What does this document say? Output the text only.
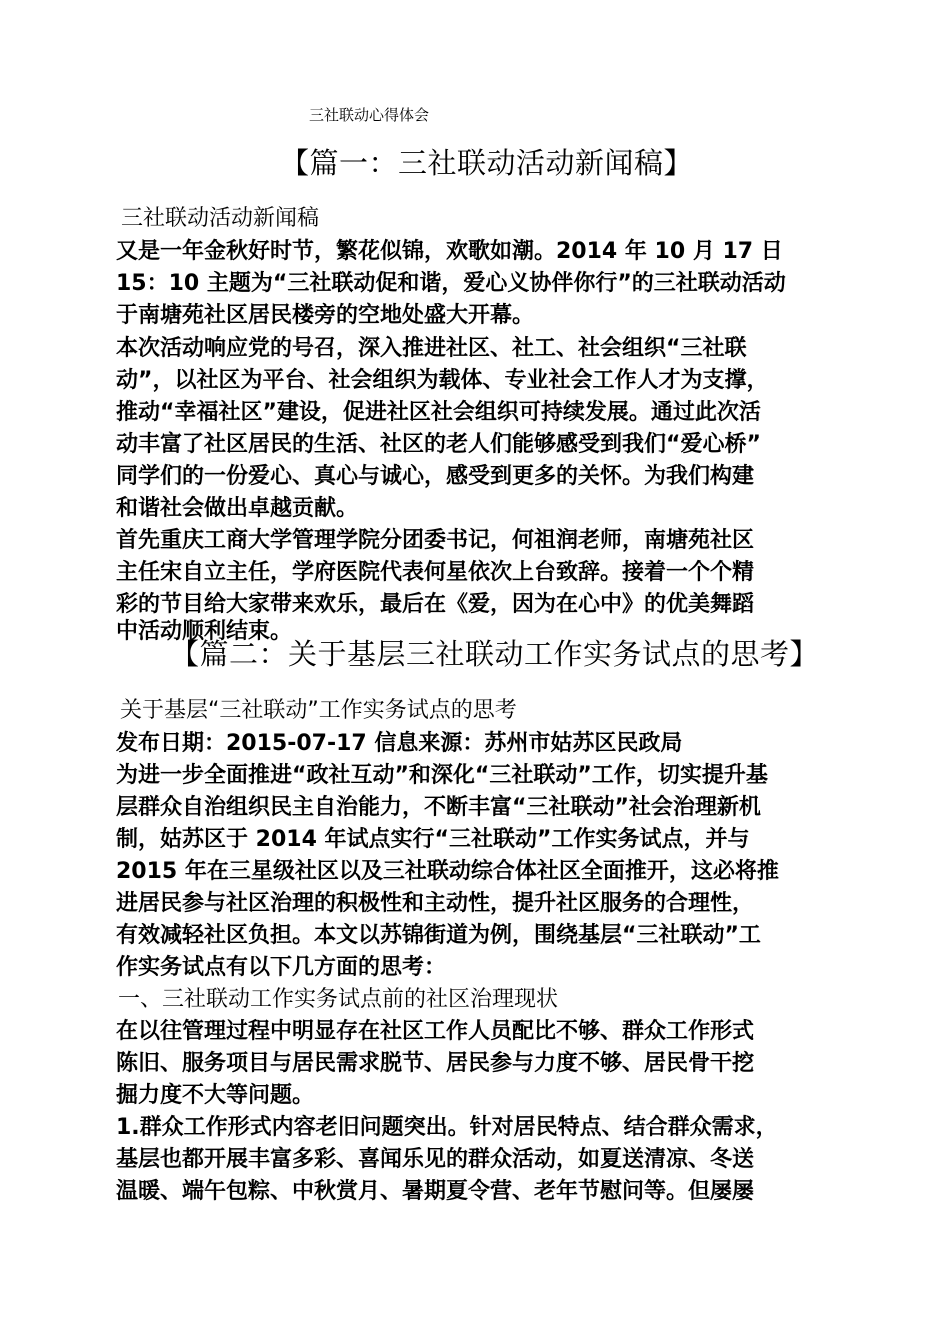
三社联动心得体会
【篇一：三社联动活动新闻稿】
三社联动活动新闻稿
又是一年金秋好时节，繁花似锦，欢歌如潮。2014 年 10 月 17 日
15：10 主题为“三社联动促和谐，爱心义协伴你行”的三社联动活动
于南塘苑社区居民楼旁的空地处盛大开幕。
本次活动响应党的号召，深入推进社区、社工、社会组织“三社联
动”，以社区为平台、社会组织为载体、专业社会工作人才为支撑，
推动“幸福社区”建设，促进社区社会组织可持续发展。通过此次活
动丰富了社区居民的生活、社区的老人们能够感受到我们“爱心桥”
同学们的一份爱心、真心与诚心，感受到更多的关怀。为我们构建
和谐社会做出卓越贡献。
首先重庆工商大学管理学院分团委书记，何祖润老师，南塘苑社区
主任宋自立主任，学府医院代表何星依次上台致辞。接着一个个精
彩的节目给大家带来欢乐，最后在《爱，因为在心中》的优美舞蹈
中活动顺利结束。
【篇二：关于基层三社联动工作实务试点的思考】
关于基层“三社联动”工作实务试点的思考
发布日期：2015-07-17 信息来源：苏州市姑苏区民政局
为进一步全面推进“政社互动”和深化“三社联动”工作，切实提升基
层群众自治组织民主自治能力，不断丰富“三社联动”社会治理新机
制，姑苏区于 2014 年试点实行“三社联动”工作实务试点，并与
2015 年在三星级社区以及三社联动综合体社区全面推开，这必将推
进居民参与社区治理的积极性和主动性，提升社区服务的合理性，
有效减轻社区负担。本文以苏锦街道为例，围绕基层“三社联动”工
作实务试点有以下几方面的思考：
一、三社联动工作实务试点前的社区治理现状
在以往管理过程中明显存在社区工作人员配比不够、群众工作形式
陈旧、服务项目与居民需求脱节、居民参与力度不够、居民骨干挖
掘力度不大等问题。
1.群众工作形式内容老旧问题突出。针对居民特点、结合群众需求，
基层也都开展丰富多彩、喜闻乐见的群众活动，如夏送清凉、冬送
温暖、端午包粽、中秋赏月、暑期夏令营、老年节慰问等。但屡屡
